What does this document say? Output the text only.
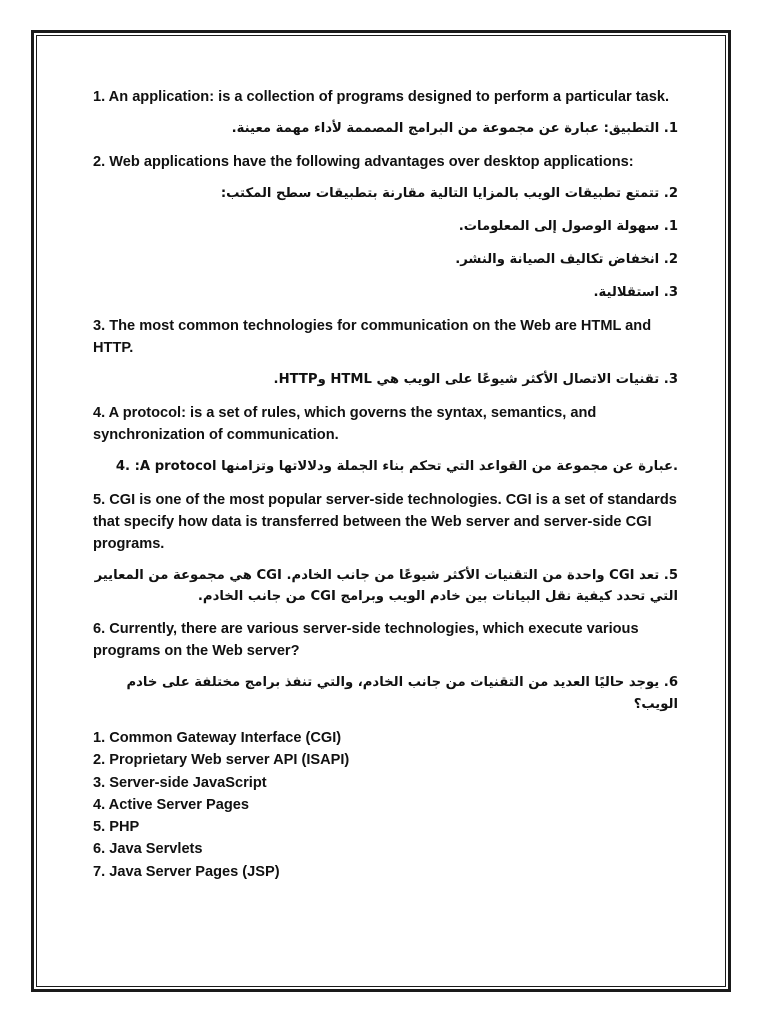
1. An application: is a collection of programs designed to perform a particular task.

1. التطبيق: عبارة عن مجموعة من البرامج المصممة لأداء مهمة معينة.

2. Web applications have the following advantages over desktop applications:

2. تتمتع تطبيقات الويب بالمزايا التالية مقارنة بتطبيقات سطح المكتب:

1. سهولة الوصول إلى المعلومات.

2. انخفاض تكاليف الصيانة والنشر.

3. استقلالية.

3. The most common technologies for communication on the Web are HTML and HTTP.

3. تقنيات الاتصال الأكثر شيوعًا على الويب هي HTML وHTTP.

4. A protocol: is a set of rules, which governs the syntax, semantics, and synchronization of communication.

4. :A protocol عبارة عن مجموعة من القواعد التي تحكم بناء الجملة ودلالاتها وتزامنها.

5. CGI is one of the most popular server-side technologies. CGI is a set of standards that specify how data is transferred between the Web server and server-side CGI programs.

5. تعد CGI واحدة من التقنيات الأكثر شيوعًا من جانب الخادم. CGI هي مجموعة من المعايير التي تحدد كيفية نقل البيانات بين خادم الويب وبرامج CGI من جانب الخادم.

6. Currently, there are various server-side technologies, which execute various programs on the Web server?

6. يوجد حاليًا العديد من التقنيات من جانب الخادم، والتي تنفذ برامج مختلفة على خادم الويب؟

1. Common Gateway Interface (CGI)
2. Proprietary Web server API (ISAPI)
3. Server-side JavaScript
4. Active Server Pages
5. PHP
6. Java Servlets
7. Java Server Pages (JSP)
